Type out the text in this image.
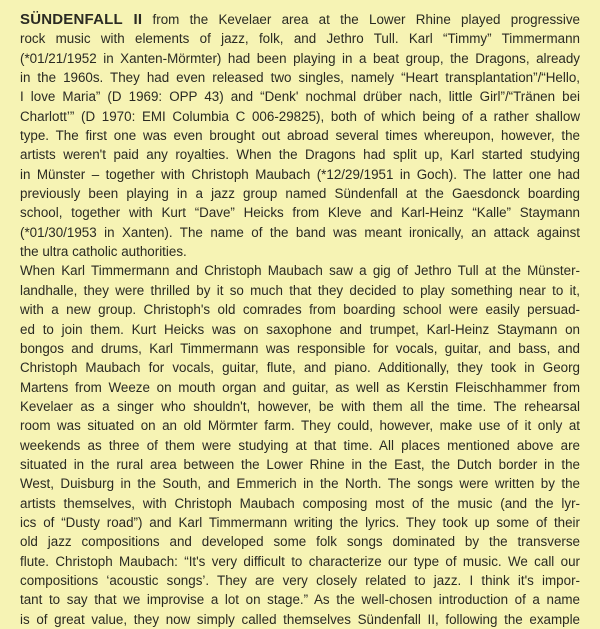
SÜNDENFALL II from the Kevelaer area at the Lower Rhine played progressive
rock music with elements of jazz, folk, and Jethro Tull. Karl “Timmy” Timmermann
(*01/21/1952 in Xanten-Mörmter) had been playing in a beat group, the Dragons, already
in the 1960s. They had even released two singles, namely “Heart transplantation”/“Hello,
I love Maria” (D 1969: OPP 43) and “Denk' nochmal drüber nach, little Girl”/“Tränen bei
Charlott’” (D 1970: EMI Columbia C 006-29825), both of which being of a rather shallow
type. The first one was even brought out abroad several times whereupon, however, the
artists weren't paid any royalties. When the Dragons had split up, Karl started studying
in Münster – together with Christoph Maubach (*12/29/1951 in Goch). The latter one had
previously been playing in a jazz group named Sündenfall at the Gaesdonck boarding
school, together with Kurt “Dave” Heicks from Kleve and Karl-Heinz “Kalle” Staymann
(*01/30/1953 in Xanten). The name of the band was meant ironically, an attack against
the ultra catholic authorities.
When Karl Timmermann and Christoph Maubach saw a gig of Jethro Tull at the Münster-
landhalle, they were thrilled by it so much that they decided to play something near to it,
with a new group. Christoph's old comrades from boarding school were easily persuad-
ed to join them. Kurt Heicks was on saxophone and trumpet, Karl-Heinz Staymann on
bongos and drums, Karl Timmermann was responsible for vocals, guitar, and bass, and
Christoph Maubach for vocals, guitar, flute, and piano. Additionally, they took in Georg
Martens from Weeze on mouth organ and guitar, as well as Kerstin Fleischhammer from
Kevelaer as a singer who shouldn't, however, be with them all the time. The rehearsal
room was situated on an old Mörmter farm. They could, however, make use of it only at
weekends as three of them were studying at that time. All places mentioned above are
situated in the rural area between the Lower Rhine in the East, the Dutch border in the
West, Duisburg in the South, and Emmerich in the North. The songs were written by the
artists themselves, with Christoph Maubach composing most of the music (and the lyr-
ics of “Dusty road”) and Karl Timmermann writing the lyrics. They took up some of their
old jazz compositions and developed some folk songs dominated by the transverse
flute. Christoph Maubach: “It's very difficult to characterize our type of music. We call our
compositions ‘acoustic songs’. They are very closely related to jazz. I think it's impor-
tant to say that we improvise a lot on stage.” As the well-chosen introduction of a name
is of great value, they now simply called themselves Sündenfall II, following the example
